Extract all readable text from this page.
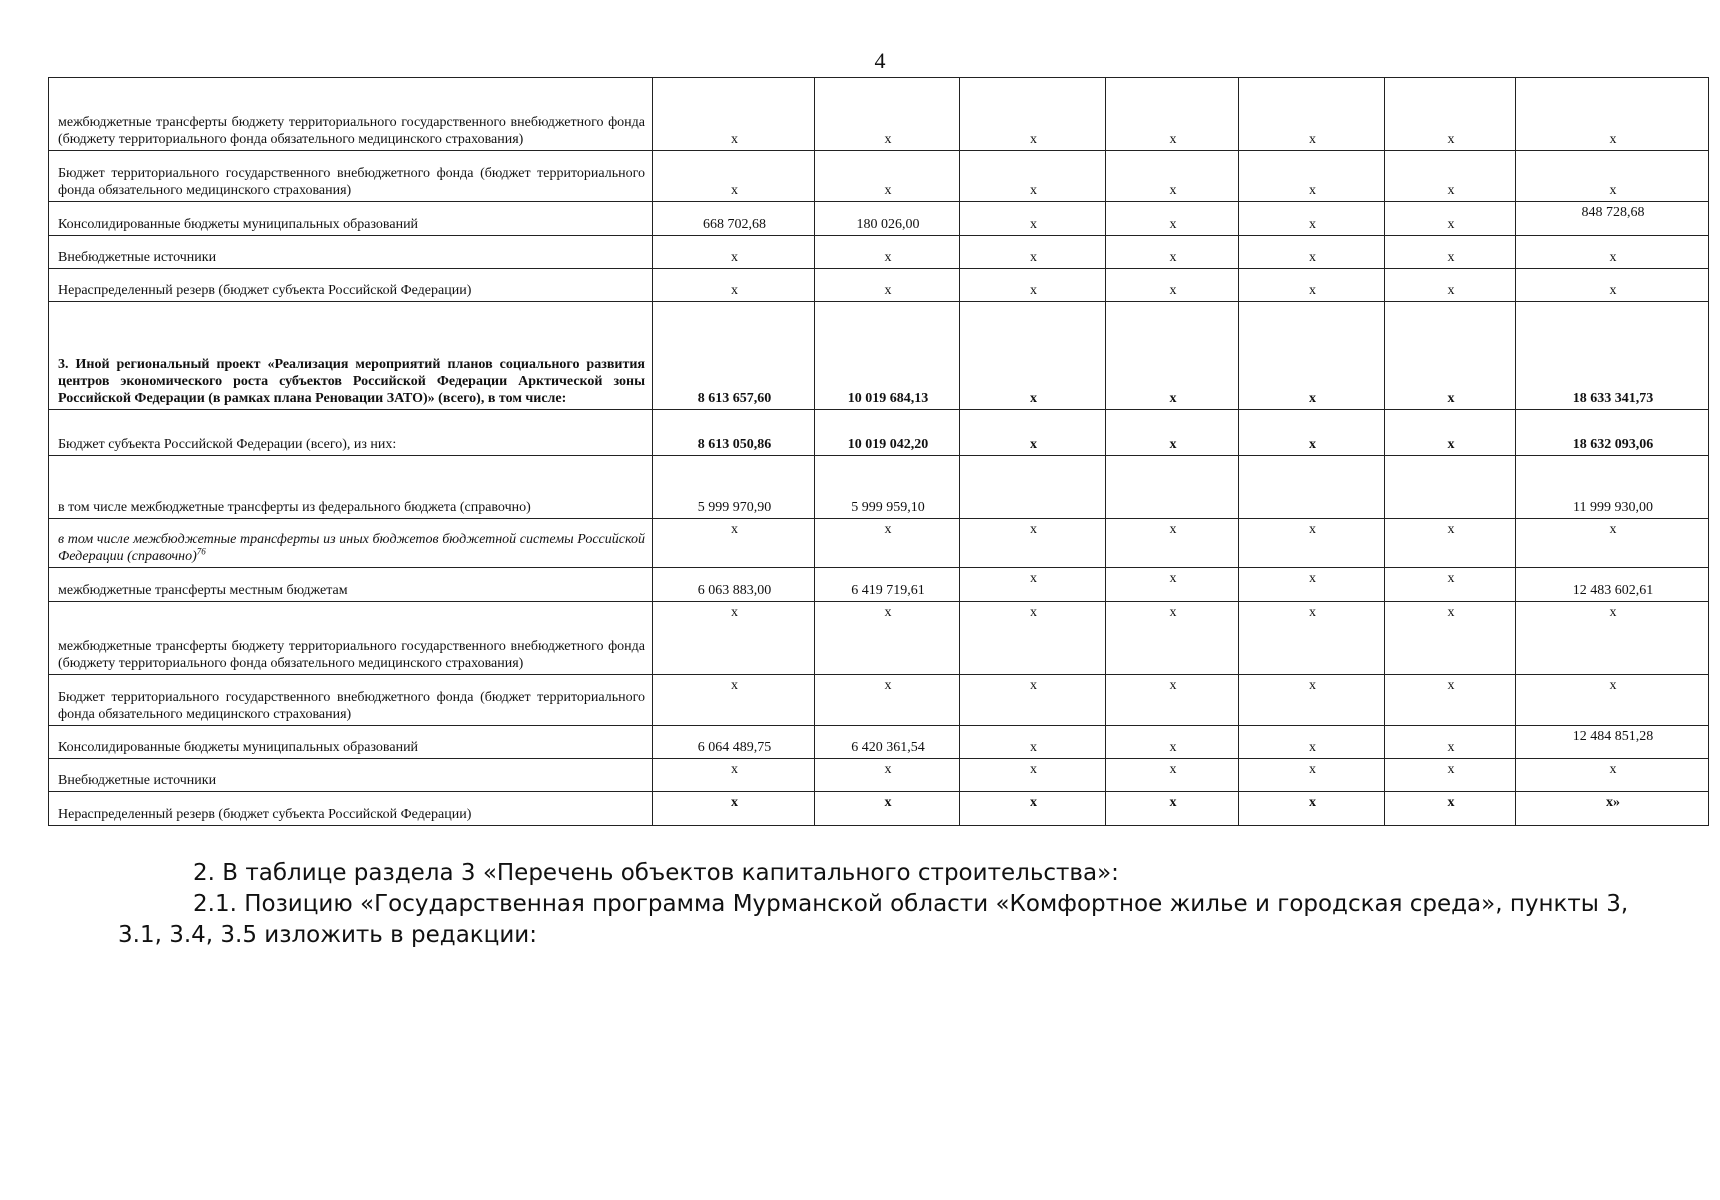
4
межбюджетные трансферты бюджету территориального государственного внебюджетного фонда (бюджету территориального фонда обязательного медицинского страхования)	х	х	х	х	х	х	х
Бюджет территориального государственного внебюджетного фонда (бюджет территориального фонда обязательного медицинского страхования)	х	х	х	х	х	х	х
Консолидированные бюджеты муниципальных образований	668 702,68	180 026,00	х	х	х	х	848 728,68
Внебюджетные источники	х	х	х	х	х	х	х
Нераспределенный резерв (бюджет субъекта Российской Федерации)	х	х	х	х	х	х	х
3. Иной региональный проект «Реализация мероприятий планов социального развития центров экономического роста субъектов Российской Федерации Арктической зоны Российской Федерации (в рамках плана Реновации ЗАТО)» (всего), в том числе:	8 613 657,60	10 019 684,13	х	х	х	х	18 633 341,73
Бюджет субъекта Российской Федерации (всего), из них:	8 613 050,86	10 019 042,20	х	х	х	х	18 632 093,06
в том числе межбюджетные трансферты из федерального бюджета (справочно)	5 999 970,90	5 999 959,10					11 999 930,00
в том числе межбюджетные трансферты из иных бюджетов бюджетной системы Российской Федерации (справочно)$^{76}$	х	х	х	х	х	х	х
межбюджетные трансферты местным бюджетам	6 063 883,00	6 419 719,61	х	х	х	х	12 483 602,61
межбюджетные трансферты бюджету территориального государственного внебюджетного фонда (бюджету территориального фонда обязательного медицинского страхования)	х	х	х	х	х	х	х
Бюджет территориального государственного внебюджетного фонда (бюджет территориального фонда обязательного медицинского страхования)	х	х	х	х	х	х	х
Консолидированные бюджеты муниципальных образований	6 064 489,75	6 420 361,54	х	х	х	х	12 484 851,28
Внебюджетные источники	х	х	х	х	х	х	х
Нераспределенный резерв (бюджет субъекта Российской Федерации)	х	х	х	х	х	х	х»
2. В таблице раздела 3 «Перечень объектов капитального строительства»:
2.1. Позицию «Государственная программа Мурманской области «Комфортное жилье и городская среда», пункты 3, 3.1, 3.4, 3.5 изложить в редакции:
